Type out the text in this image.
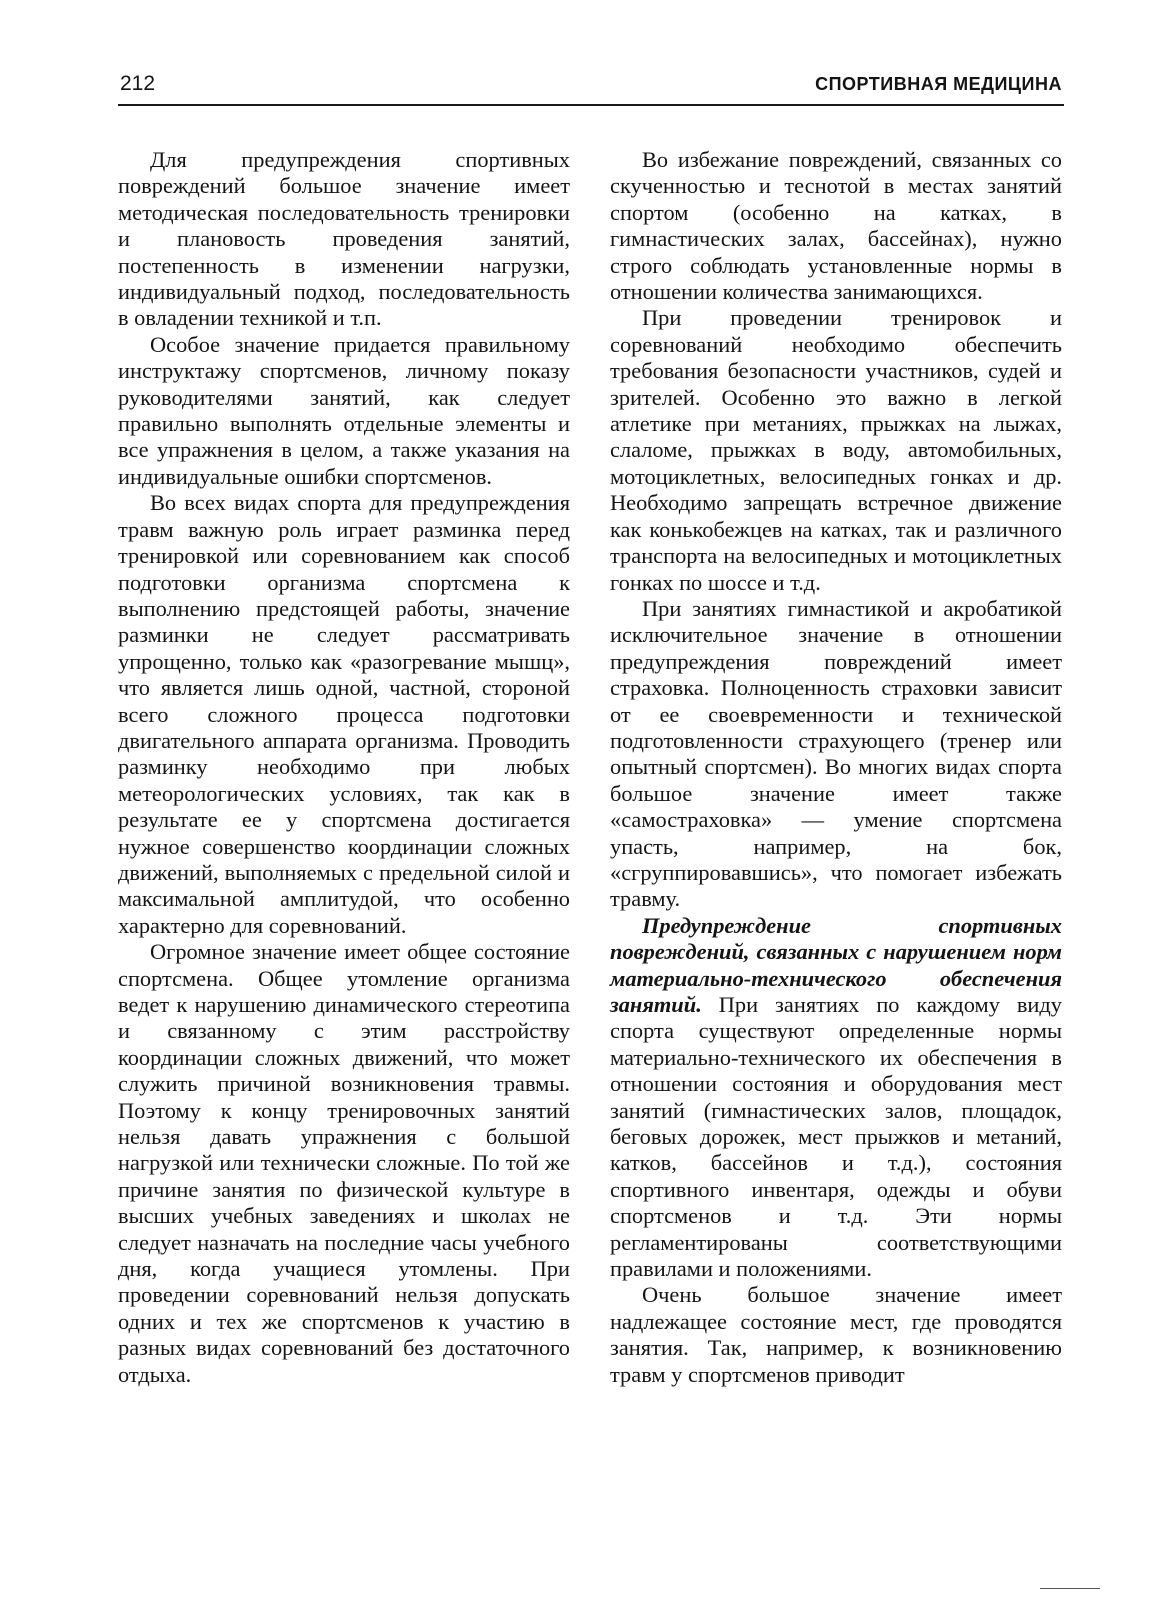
212	СПОРТИВНАЯ МЕДИЦИНА

Для предупреждения спортивных повреждений большое значение имеет методическая последовательность тренировки и плановость проведения занятий, постепенность в изменении нагрузки, индивидуальный подход, последовательность в овладении техникой и т.п.

Особое значение придается правильному инструктажу спортсменов, личному показу руководителями занятий, как следует правильно выполнять отдельные элементы и все упражнения в целом, а также указания на индивидуальные ошибки спортсменов.

Во всех видах спорта для предупреждения травм важную роль играет разминка перед тренировкой или соревнованием как способ подготовки организма спортсмена к выполнению предстоящей работы, значение разминки не следует рассматривать упрощенно, только как «разогревание мышц», что является лишь одной, частной, стороной всего сложного процесса подготовки двигательного аппарата организма. Проводить разминку необходимо при любых метеорологических условиях, так как в результате ее у спортсмена достигается нужное совершенство координации сложных движений, выполняемых с предельной силой и максимальной амплитудой, что особенно характерно для соревнований.

Огромное значение имеет общее состояние спортсмена. Общее утомление организма ведет к нарушению динамического стереотипа и связанному с этим расстройству координации сложных движений, что может служить причиной возникновения травмы. Поэтому к концу тренировочных занятий нельзя давать упражнения с большой нагрузкой или технически сложные. По той же причине занятия по физической культуре в высших учебных заведениях и школах не следует назначать на последние часы учебного дня, когда учащиеся утомлены. При проведении соревнований нельзя допускать одних и тех же спортсменов к участию в разных видах соревнований без достаточного отдыха.

Во избежание повреждений, связанных со скученностью и теснотой в местах занятий спортом (особенно на катках, в гимнастических залах, бассейнах), нужно строго соблюдать установленные нормы в отношении количества занимающихся.

При проведении тренировок и соревнований необходимо обеспечить требования безопасности участников, судей и зрителей. Особенно это важно в легкой атлетике при метаниях, прыжках на лыжах, слаломе, прыжках в воду, автомобильных, мотоциклетных, велосипедных гонках и др. Необходимо запрещать встречное движение как конькобежцев на катках, так и различного транспорта на велосипедных и мотоциклетных гонках по шоссе и т.д.

При занятиях гимнастикой и акробатикой исключительное значение в отношении предупреждения повреждений имеет страховка. Полноценность страховки зависит от ее своевременности и технической подготовленности страхующего (тренер или опытный спортсмен). Во многих видах спорта большое значение имеет также «самостраховка» — умение спортсмена упасть, например, на бок, «сгруппировавшись», что помогает избежать травму.

Предупреждение спортивных повреждений, связанных с нарушением норм материально-технического обеспечения занятий. При занятиях по каждому виду спорта существуют определенные нормы материально-технического их обеспечения в отношении состояния и оборудования мест занятий (гимнастических залов, площадок, беговых дорожек, мест прыжков и метаний, катков, бассейнов и т.д.), состояния спортивного инвентаря, одежды и обуви спортсменов и т.д. Эти нормы регламентированы соответствующими правилами и положениями.

Очень большое значение имеет надлежащее состояние мест, где проводятся занятия. Так, например, к возникновению травм у спортсменов приводит
